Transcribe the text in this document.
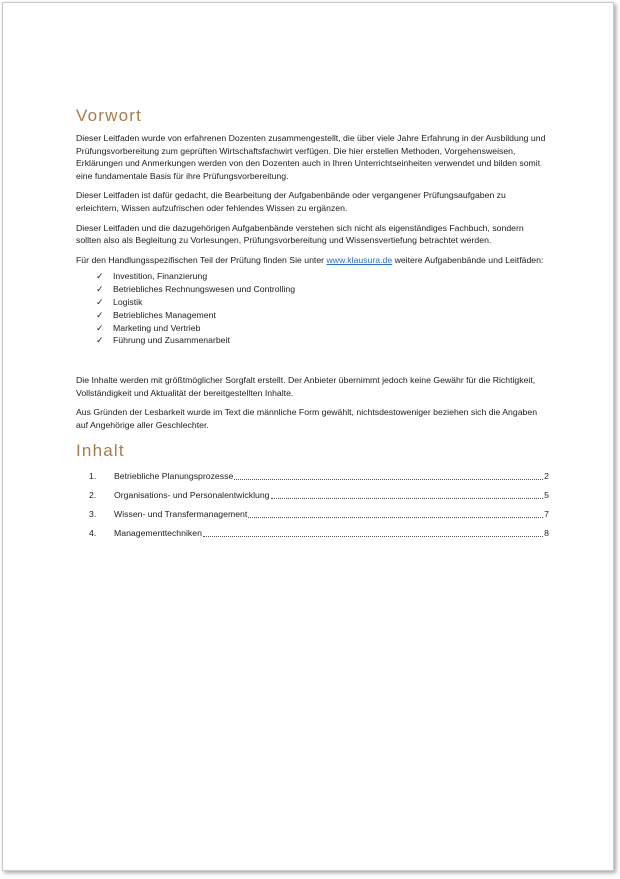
Vorwort

Dieser Leitfaden wurde von erfahrenen Dozenten zusammengestellt, die über viele Jahre Erfahrung in der Ausbildung und Prüfungsvorbereitung zum geprüften Wirtschaftsfachwirt verfügen. Die hier erstellen Methoden, Vorgehensweisen, Erklärungen und Anmerkungen werden von den Dozenten auch in Ihren Unterrichtseinheiten verwendet und bilden somit eine fundamentale Basis für ihre Prüfungsvorbereitung.

Dieser Leitfaden ist dafür gedacht, die Bearbeitung der Aufgabenbände oder vergangener Prüfungsaufgaben zu erleichtern, Wissen aufzufrischen oder fehlendes Wissen zu ergänzen.

Dieser Leitfaden und die dazugehörigen Aufgabenbände verstehen sich nicht als eigenständiges Fachbuch, sondern sollten also als Begleitung zu Vorlesungen, Prüfungsvorbereitung und Wissensvertiefung betrachtet werden.

Für den Handlungsspezifischen Teil der Prüfung finden Sie unter www.klausura.de weitere Aufgabenbände und Leitfäden:

✓ Investition, Finanzierung
✓ Betriebliches Rechnungswesen und Controlling
✓ Logistik
✓ Betriebliches Management
✓ Marketing und Vertrieb
✓ Führung und Zusammenarbeit

Die Inhalte werden mit größtmöglicher Sorgfalt erstellt. Der Anbieter übernimmt jedoch keine Gewähr für die Richtigkeit, Vollständigkeit und Aktualität der bereitgestellten Inhalte.

Aus Gründen der Lesbarkeit wurde im Text die männliche Form gewählt, nichtsdestoweniger beziehen sich die Angaben auf Angehörige aller Geschlechter.

Inhalt
1.	Betriebliche Planungsprozesse	2
2.	Organisations- und Personalentwicklung	5
3.	Wissen- und Transfermanagement	7
4.	Managementtechniken	8
